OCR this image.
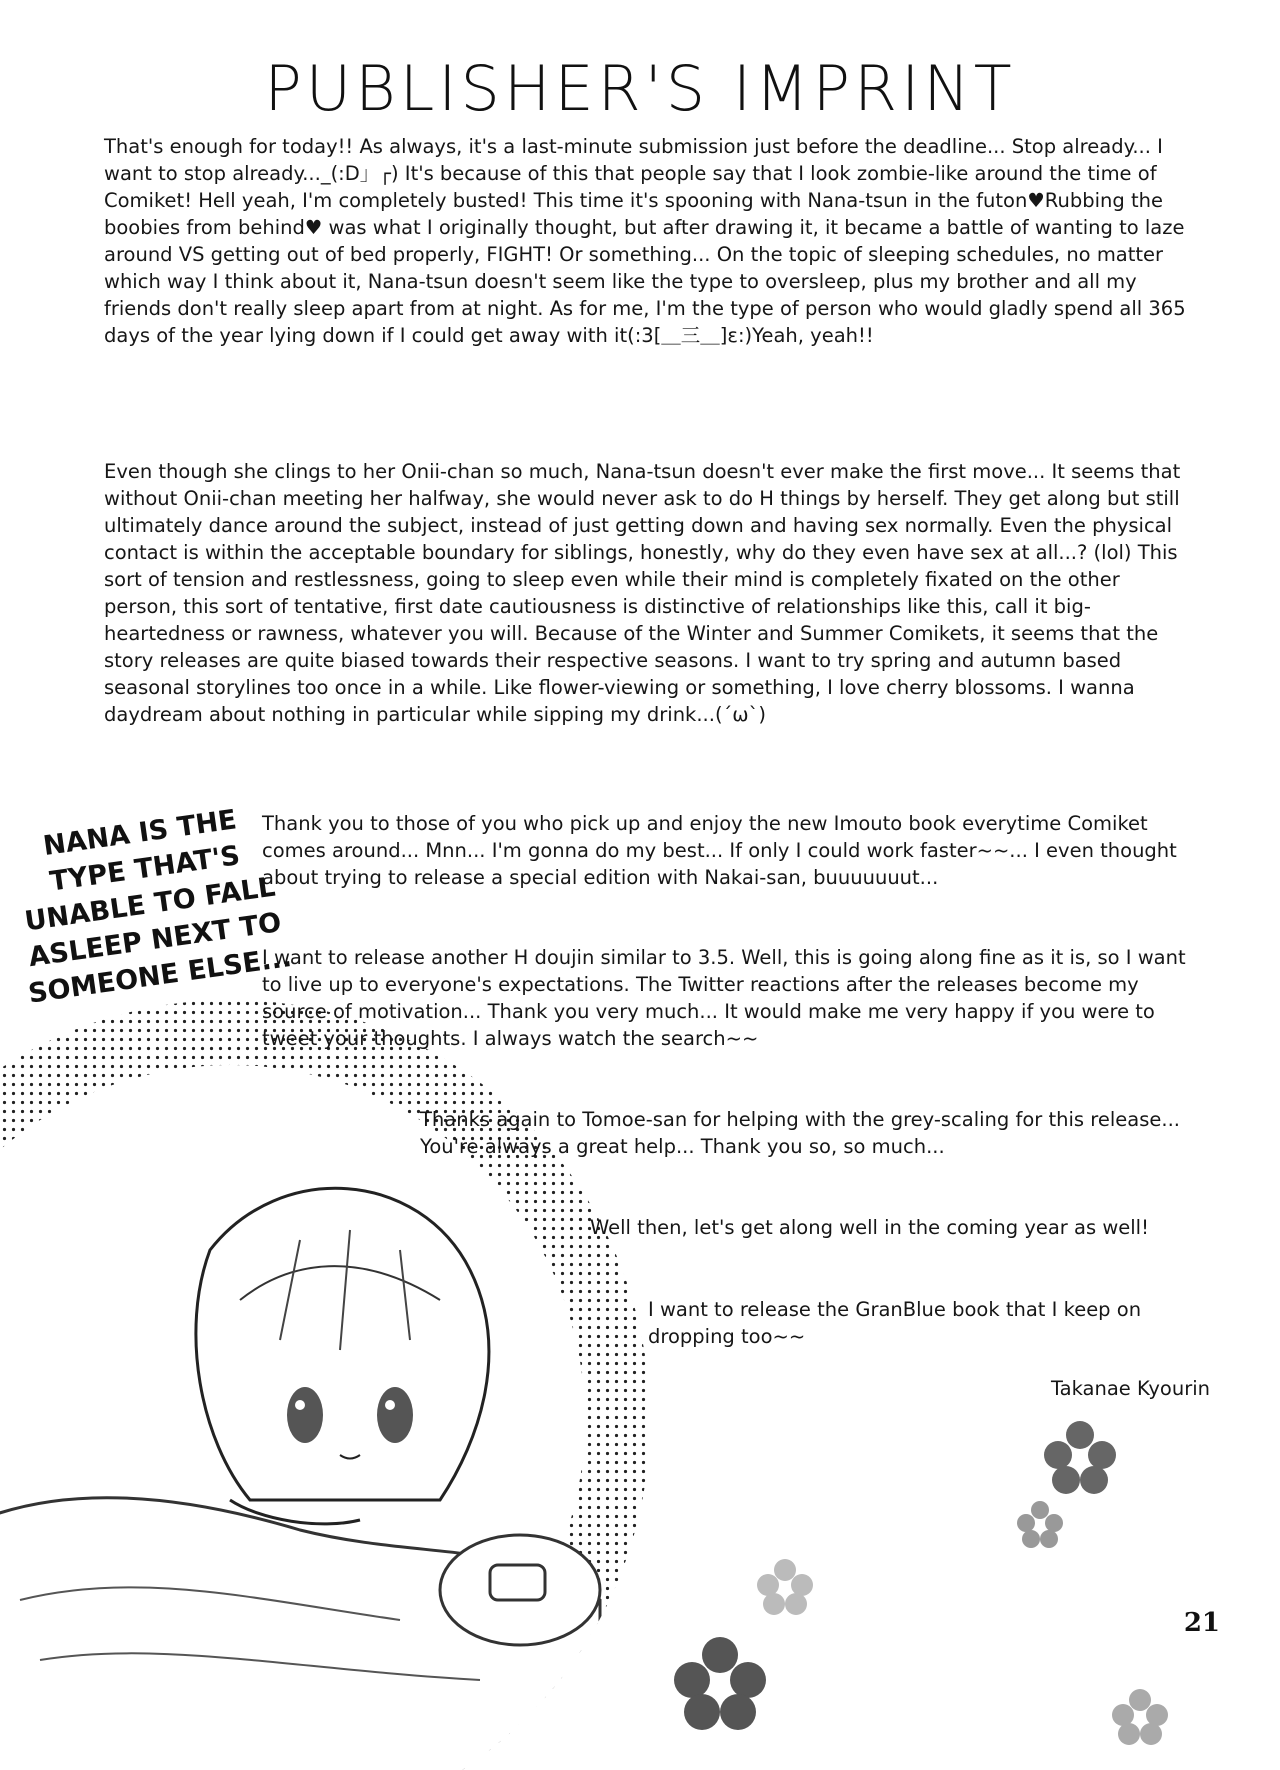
PUBLISHER'S IMPRINT

That's enough for today!! As always, it's a last-minute submission just before the deadline... Stop already... I want to stop already..._(:D」┌) It's because of this that people say that I look zombie-like around the time of Comiket! Hell yeah, I'm completely busted! This time it's spooning with Nana-tsun in the futon♥Rubbing the boobies from behind♥ was what I originally thought, but after drawing it, it became a battle of wanting to laze around VS getting out of bed properly, FIGHT! Or something... On the topic of sleeping schedules, no matter which way I think about it, Nana-tsun doesn't seem like the type to oversleep, plus my brother and all my friends don't really sleep apart from at night. As for me, I'm the type of person who would gladly spend all 365 days of the year lying down if I could get away with it(:3[＿三＿]ε:)Yeah, yeah!!

Even though she clings to her Onii-chan so much, Nana-tsun doesn't ever make the first move... It seems that without Onii-chan meeting her halfway, she would never ask to do H things by herself. They get along but still ultimately dance around the subject, instead of just getting down and having sex normally. Even the physical contact is within the acceptable boundary for siblings, honestly, why do they even have sex at all...? (lol) This sort of tension and restlessness, going to sleep even while their mind is completely fixated on the other person, this sort of tentative, first date cautiousness is distinctive of relationships like this, call it big-heartedness or rawness, whatever you will. Because of the Winter and Summer Comikets, it seems that the story releases are quite biased towards their respective seasons. I want to try spring and autumn based seasonal storylines too once in a while. Like flower-viewing or something, I love cherry blossoms. I wanna daydream about nothing in particular while sipping my drink...(´ω`)

Thank you to those of you who pick up and enjoy the new Imouto book everytime Comiket comes around... Mnn... I'm gonna do my best... If only I could work faster~~... I even thought about trying to release a special edition with Nakai-san, buuuuuuut...

I want to release another H doujin similar to 3.5. Well, this is going along fine as it is, so I want to live up to everyone's expectations. The Twitter reactions after the releases become my source of motivation... Thank you very much... It would make me very happy if you were to tweet your thoughts. I always watch the search~~

Thanks again to Tomoe-san for helping with the grey-scaling for this release... You're always a great help... Thank you so, so much...

Well then, let's get along well in the coming year as well!

I want to release the GranBlue book that I keep on dropping too~~

Takanae Kyourin
NANA IS THE TYPE THAT'S UNABLE TO FALL ASLEEP NEXT TO SOMEONE ELSE...
21
